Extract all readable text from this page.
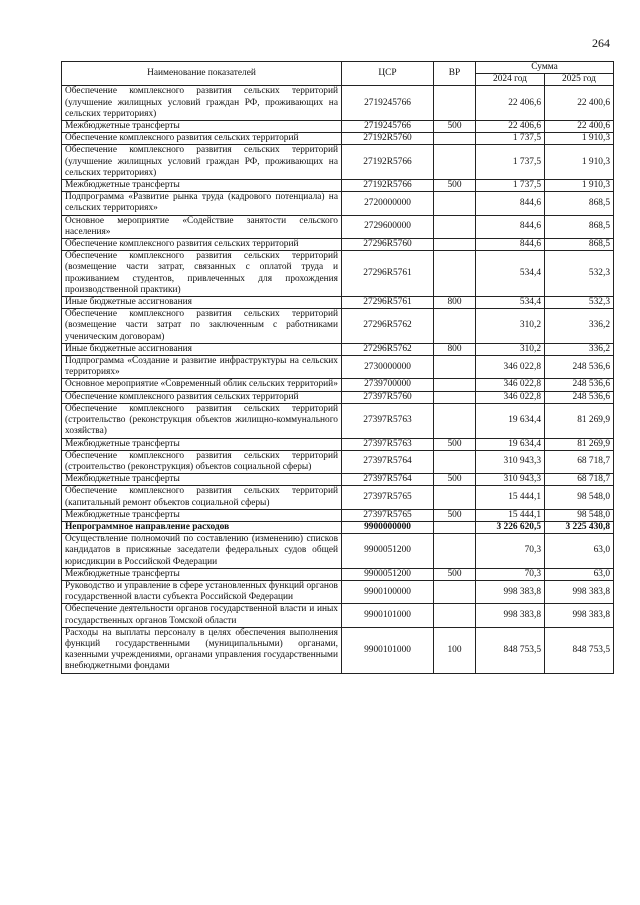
264
Наименование показателей	ЦСР	ВР	Сумма	
			2024 год	2025 год
Обеспечение комплексного развития сельских территорий (улучшение жилищных условий граждан РФ, проживающих на сельских территориях)	2719245766		22 406,6	22 400,6
Межбюджетные трансферты	2719245766	500	22 406,6	22 400,6
Обеспечение комплексного развития сельских территорий	27192R5760		1 737,5	1 910,3
Обеспечение комплексного развития сельских территорий (улучшение жилищных условий граждан РФ, проживающих на сельских территориях)	27192R5766		1 737,5	1 910,3
Межбюджетные трансферты	27192R5766	500	1 737,5	1 910,3
Подпрограмма «Развитие рынка труда (кадрового потенциала) на сельских территориях»	2720000000		844,6	868,5
Основное мероприятие «Содействие занятости сельского населения»	2729600000		844,6	868,5
Обеспечение комплексного развития сельских территорий	27296R5760		844,6	868,5
Обеспечение комплексного развития сельских территорий (возмещение части затрат, связанных с оплатой труда и проживанием студентов, привлеченных для прохождения производственной практики)	27296R5761		534,4	532,3
Иные бюджетные ассигнования	27296R5761	800	534,4	532,3
Обеспечение комплексного развития сельских территорий (возмещение части затрат по заключенным с работниками ученическим договорам)	27296R5762		310,2	336,2
Иные бюджетные ассигнования	27296R5762	800	310,2	336,2
Подпрограмма «Создание и развитие инфраструктуры на сельских территориях»	2730000000		346 022,8	248 536,6
Основное мероприятие «Современный облик сельских территорий»	2739700000		346 022,8	248 536,6
Обеспечение комплексного развития сельских территорий	27397R5760		346 022,8	248 536,6
Обеспечение комплексного развития сельских территорий (строительство (реконструкция объектов жилищно-коммунального хозяйства)	27397R5763		19 634,4	81 269,9
Межбюджетные трансферты	27397R5763	500	19 634,4	81 269,9
Обеспечение комплексного развития сельских территорий (строительство (реконструкция) объектов социальной сферы)	27397R5764		310 943,3	68 718,7
Межбюджетные трансферты	27397R5764	500	310 943,3	68 718,7
Обеспечение комплексного развития сельских территорий (капитальный ремонт объектов социальной сферы)	27397R5765		15 444,1	98 548,0
Межбюджетные трансферты	27397R5765	500	15 444,1	98 548,0
Непрограммное направление расходов	9900000000		3 226 620,5	3 225 430,8
Осуществление полномочий по составлению (изменению) списков кандидатов в присяжные заседатели федеральных судов общей юрисдикции в Российской Федерации	9900051200		70,3	63,0
Межбюджетные трансферты	9900051200	500	70,3	63,0
Руководство и управление в сфере установленных функций органов государственной власти субъекта Российской Федерации	9900100000		998 383,8	998 383,8
Обеспечение деятельности органов государственной власти и иных государственных органов Томской области	9900101000		998 383,8	998 383,8
Расходы на выплаты персоналу в целях обеспечения выполнения функций государственными (муниципальными) органами, казенными учреждениями, органами управления государственными внебюджетными фондами	9900101000	100	848 753,5	848 753,5
